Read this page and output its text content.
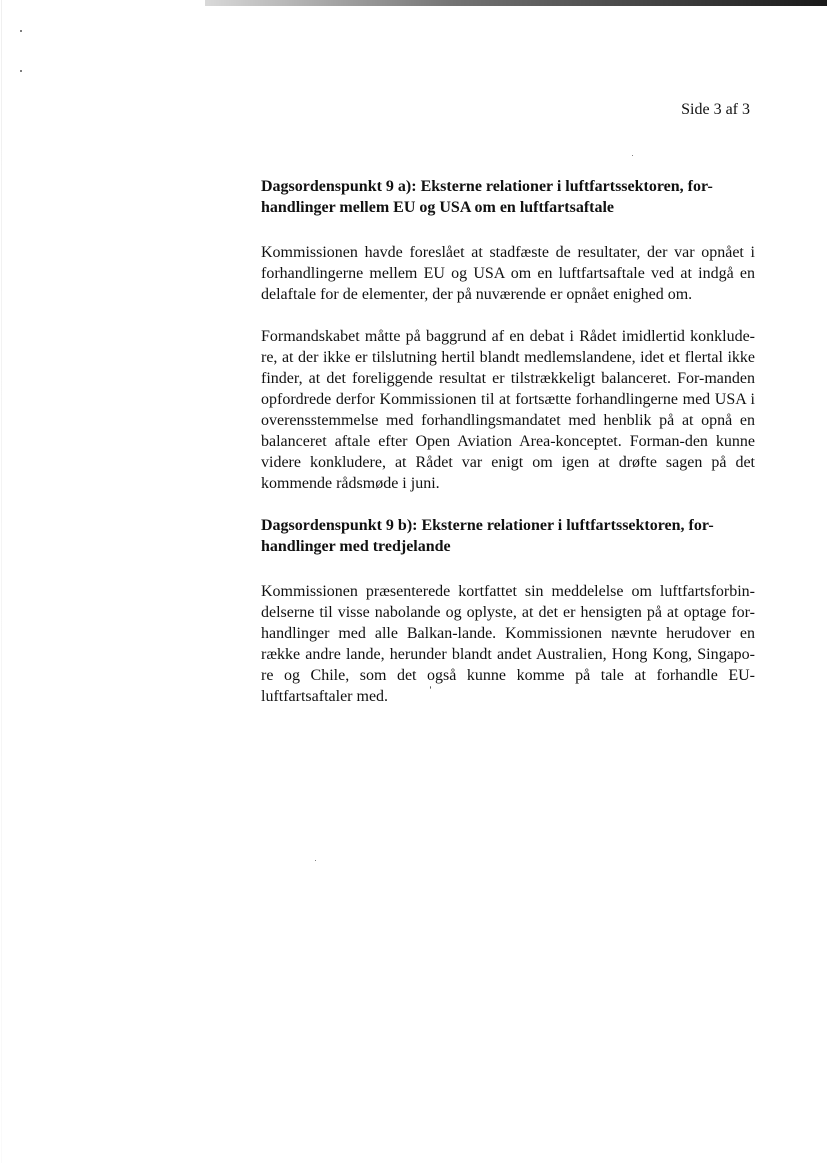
Side 3 af 3
Dagsordenspunkt 9 a): Eksterne relationer i luftfartssektoren, for-
handlinger mellem EU og USA om en luftfartsaftale

Kommissionen havde foreslået at stadfæste de resultater, der var opnået i forhandlingerne mellem EU og USA om en luftfartsaftale ved at indgå en delaftale for de elementer, der på nuværende er opnået enighed om.

Formandskabet måtte på baggrund af en debat i Rådet imidlertid konklude-re, at der ikke er tilslutning hertil blandt medlemslandene, idet et flertal ikke finder, at det foreliggende resultat er tilstrækkeligt balanceret. For-manden opfordrede derfor Kommissionen til at fortsætte forhandlingerne med USA i overensstemmelse med forhandlingsmandatet med henblik på at opnå en balanceret aftale efter Open Aviation Area-konceptet. Forman-den kunne videre konkludere, at Rådet var enigt om igen at drøfte sagen på det kommende rådsmøde i juni.

Dagsordenspunkt 9 b): Eksterne relationer i luftfartssektoren, for-
handlinger med tredjelande

Kommissionen præsenterede kortfattet sin meddelelse om luftfartsforbin-delserne til visse nabolande og oplyste, at det er hensigten på at optage for-handlinger med alle Balkan-lande. Kommissionen nævnte herudover en række andre lande, herunder blandt andet Australien, Hong Kong, Singapo-re og Chile, som det også kunne komme på tale at forhandle EU-luftfartsaftaler med.
